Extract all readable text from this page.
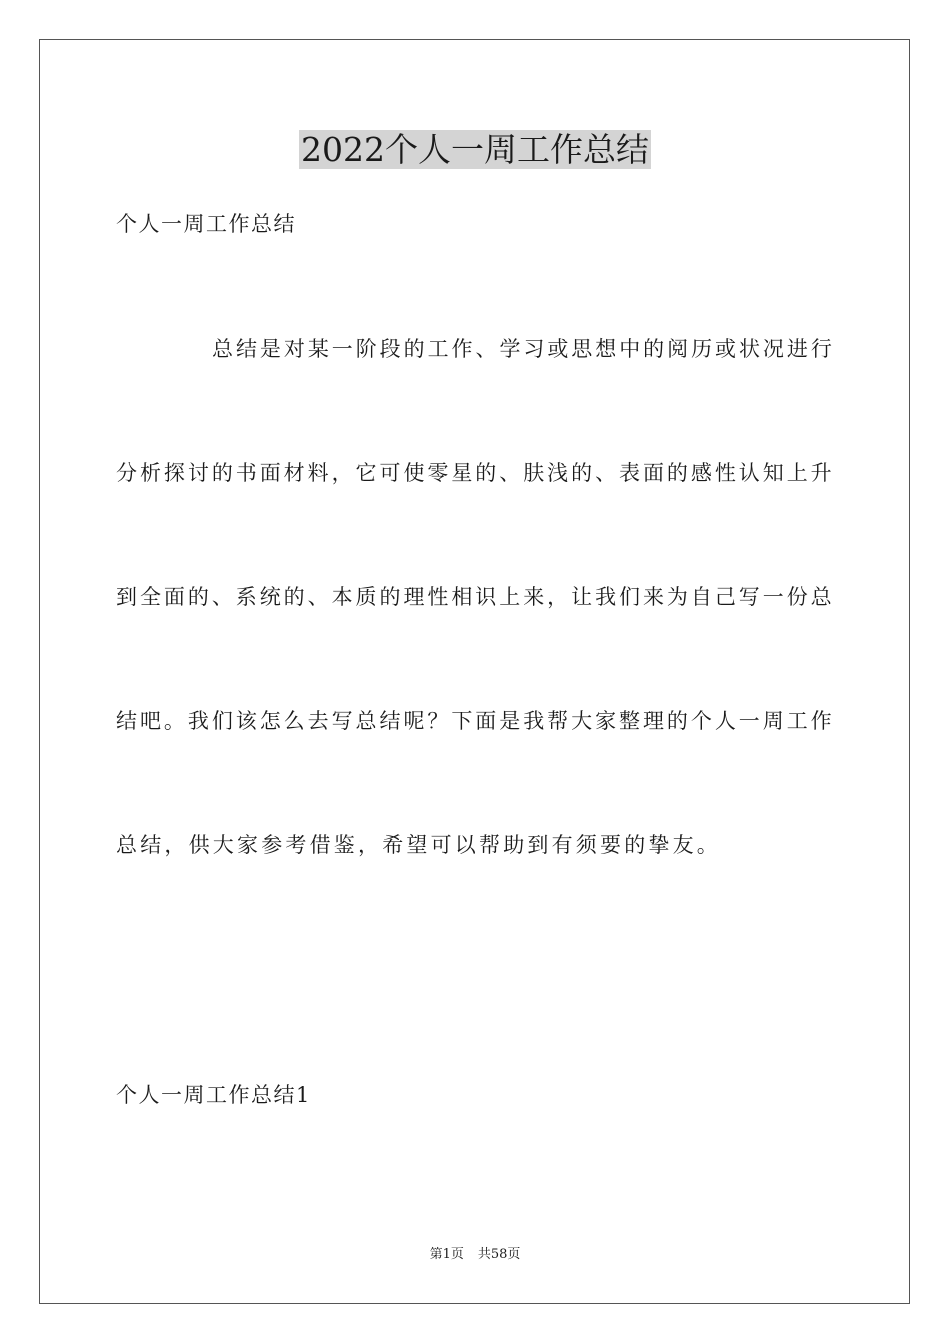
2022个人一周工作总结
个人一周工作总结
总 结 是 对 某 一 阶 段 的 工 作 、 学 习 或 思 想 中 的 阅 历 或 状 况 进 行
分 析 探 讨 的 书 面 材 料 ， 它 可 使 零 星 的 、 肤 浅 的 、 表 面 的 感 性 认 知 上 升
到 全 面 的 、 系 统 的 、 本 质 的 理 性 相 识 上 来 ， 让 我 们 来 为 自 己 写 一 份 总
结 吧 。 我 们 该 怎 么 去 写 总 结 呢 ？ 下 面 是 我 帮 大 家 整 理 的 个 人 一 周 工 作
总结，供大家参考借鉴，希望可以帮助到有须要的挚友。
个人一周工作总结1
第1页 共58页
